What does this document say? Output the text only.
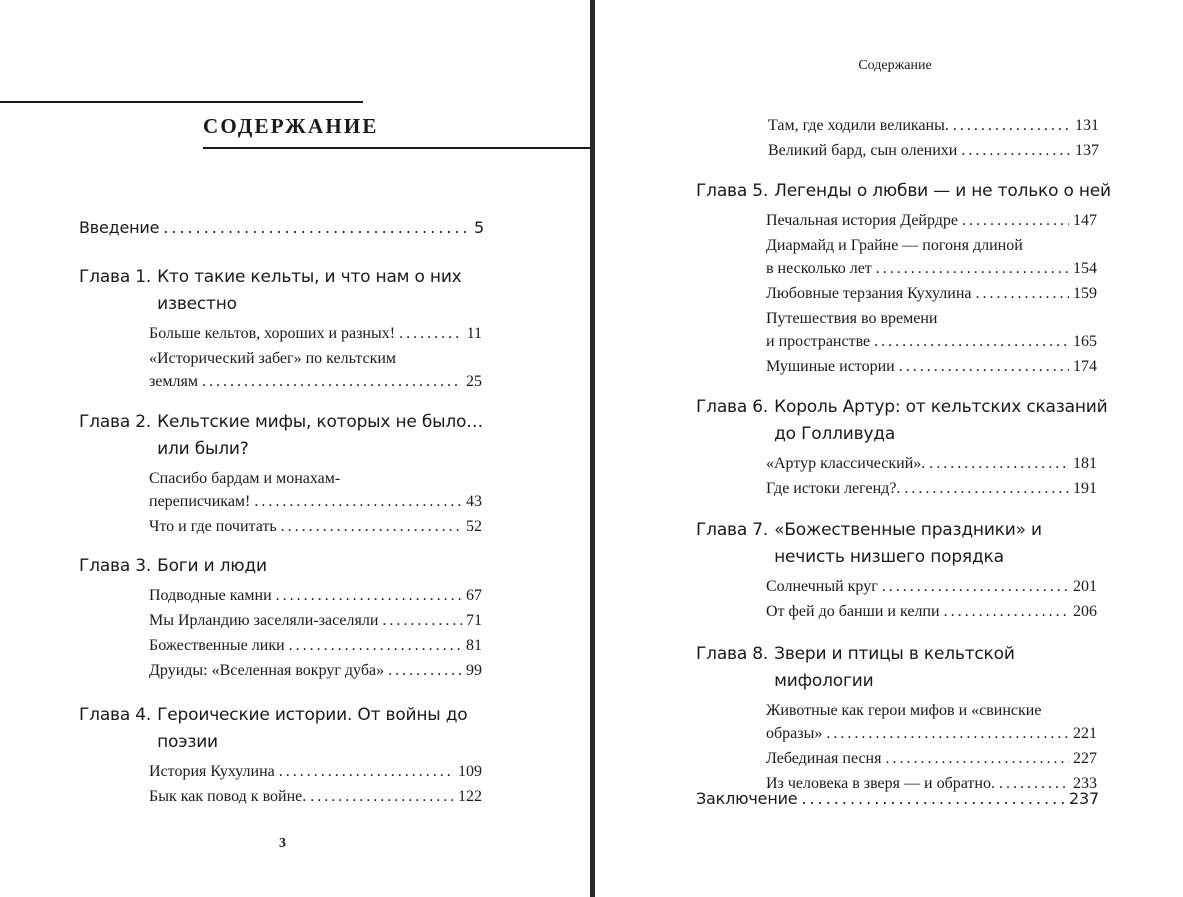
СОДЕРЖАНИЕ
Введение .....	5
Глава 1. Кто такие кельты, и что нам о них известно
Больше кельтов, хороших и разных! .....	11
«Исторический забег» по кельтским
землям .....	25
Глава 2. Кельтские мифы, которых не было… или были?
Спасибо бардам и монахам-
переписчикам! .....	43
Что и где почитать .....	52
Глава 3. Боги и люди
Подводные камни .....	67
Мы Ирландию заселяли-заселяли .....	71
Божественные лики .....	81
Друиды: «Вселенная вокруг дуба» .....	99
Глава 4. Героические истории. От войны до поэзии
История Кухулина .....	109
Бык как повод к войне. .....	122
3
Содержание
Там, где ходили великаны. .....	131
Великий бард, сын оленихи .....	137
Глава 5. Легенды о любви — и не только о ней
Печальная история Дейрдре .....	147
Диармайд и Грайне — погоня длиной
в несколько лет .....	154
Любовные терзания Кухулина .....	159
Путешествия во времени
и пространстве .....	165
Мушиные истории .....	174
Глава 6. Король Артур: от кельтских сказаний до Голливуда
«Артур классический». .....	181
Где истоки легенд?. .....	191
Глава 7. «Божественные праздники» и нечисть низшего порядка
Солнечный круг .....	201
От фей до банши и келпи .....	206
Глава 8. Звери и птицы в кельтской мифологии
Животные как герои мифов и «свинские
образы» .....	221
Лебединая песня .....	227
Из человека в зверя — и обратно. .....	233
Заключение .....	237
